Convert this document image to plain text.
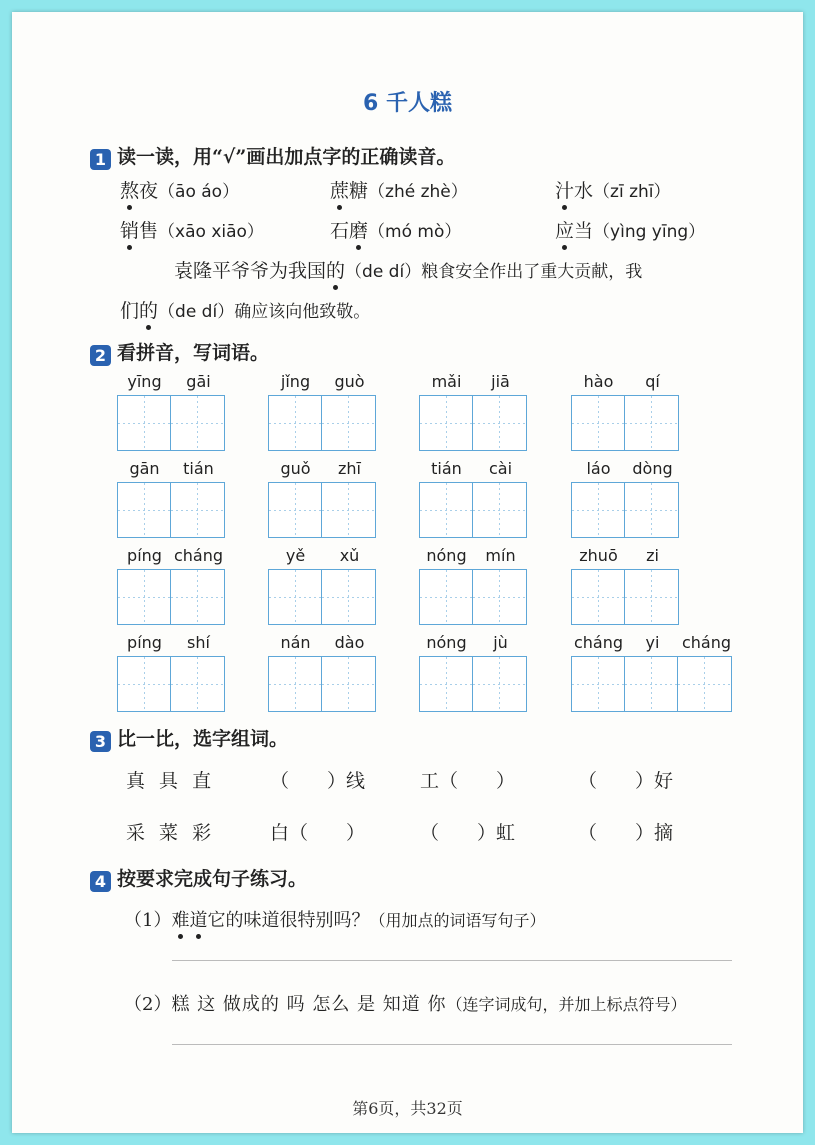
6 千人糕
1 读一读，用“√”画出加点字的正确读音。
熬夜（āo áo）	蔗糖（zhé zhè）	汁水（zī zhī）
销售（xāo xiāo）	石磨（mó mò）	应当（yìng yīng）
袁隆平爷爷为我国的（de dí）粮食安全作出了重大贡献，我
们的（de dí）确应该向他致敬。
2 看拼音，写词语。
yīng	gāi	jǐng	guò	mǎi	jiā	hào	qí
gān	tián	guǒ	zhī	tián	cài	láo	dòng
píng cháng	yě	xǔ	nóng	mín	zhuō	zi
píng	shí	nán	dào	nóng	jù	cháng	yi	cháng
3 比一比，选字组词。
真 具 直	（　　）线	工（　　）	（　　）好
采 菜 彩	白（　　）	（　　）虹	（　　）摘
4 按要求完成句子练习。
（1）难道它的味道很特别吗？（用加点的词语写句子）
（2）糕 这 做成的 吗 怎么 是 知道 你（连字词成句，并加上标点符号）
第6页，共32页
